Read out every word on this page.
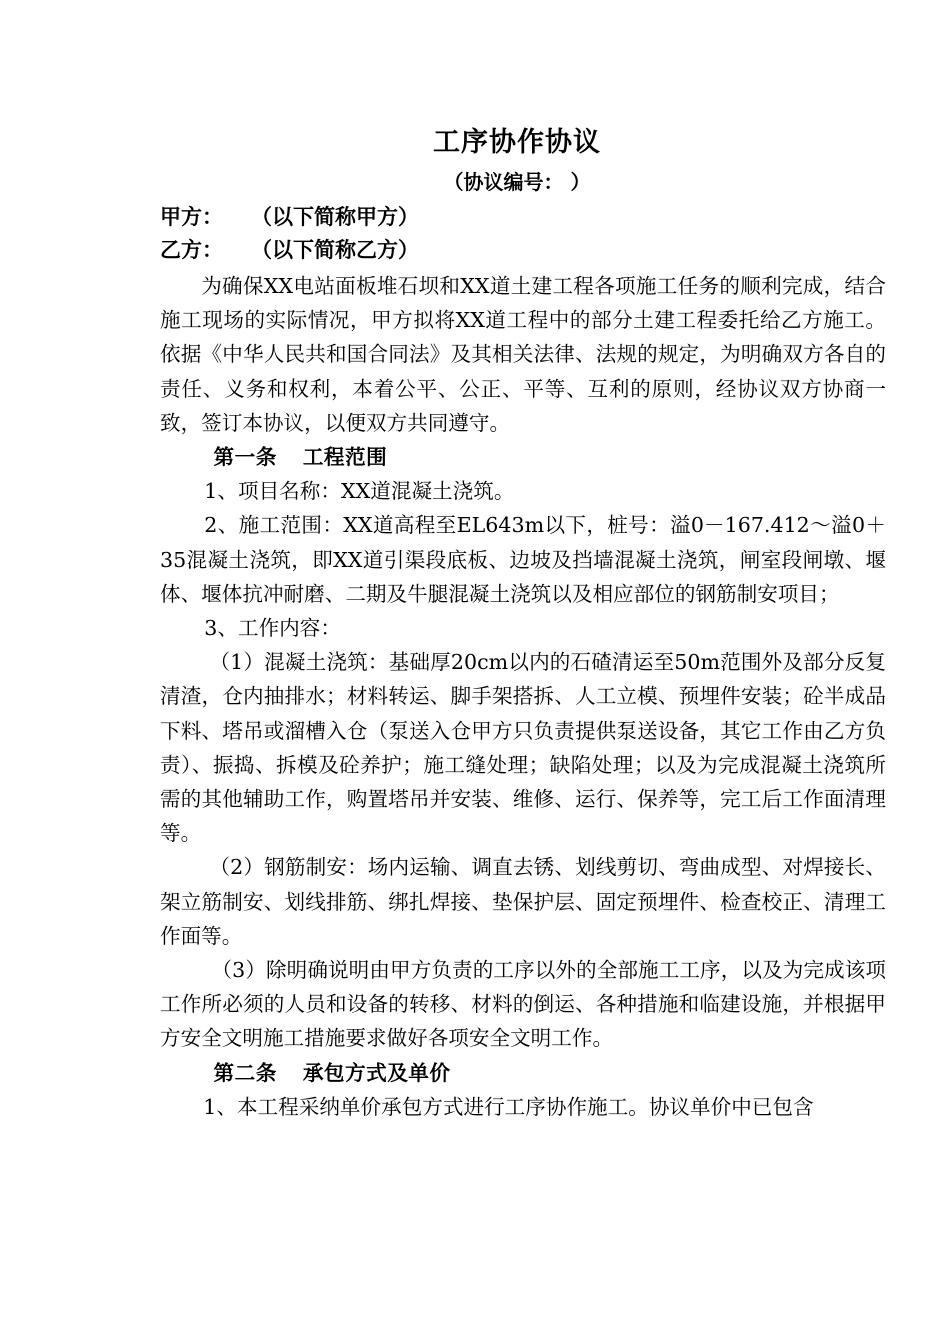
工序协作协议
（协议编号： ）
甲方： （以下简称甲方）
乙方： （以下简称乙方）

为确保XX电站面板堆石坝和XX道土建工程各项施工任务的顺利完成，结合施工现场的实际情况，甲方拟将XX道工程中的部分土建工程委托给乙方施工。依据《中华人民共和国合同法》及其相关法律、法规的规定，为明确双方各自的责任、义务和权利，本着公平、公正、平等、互利的原则，经协议双方协商一致，签订本协议，以便双方共同遵守。

第一条 工程范围

1、项目名称：XX道混凝土浇筑。

2、施工范围：XX道高程至EL643m以下，桩号：溢0－167.412～溢0＋35混凝土浇筑，即XX道引渠段底板、边坡及挡墙混凝土浇筑，闸室段闸墩、堰体、堰体抗冲耐磨、二期及牛腿混凝土浇筑以及相应部位的钢筋制安项目；

3、工作内容：

（1）混凝土浇筑：基础厚20cm以内的石碴清运至50m范围外及部分反复清渣，仓内抽排水；材料转运、脚手架搭拆、人工立模、预埋件安装；砼半成品下料、塔吊或溜槽入仓（泵送入仓甲方只负责提供泵送设备，其它工作由乙方负责）、振捣、拆模及砼养护；施工缝处理；缺陷处理；以及为完成混凝土浇筑所需的其他辅助工作，购置塔吊并安装、维修、运行、保养等，完工后工作面清理等。

（2）钢筋制安：场内运输、调直去锈、划线剪切、弯曲成型、对焊接长、架立筋制安、划线排筋、绑扎焊接、垫保护层、固定预埋件、检查校正、清理工作面等。

（3）除明确说明由甲方负责的工序以外的全部施工工序，以及为完成该项工作所必须的人员和设备的转移、材料的倒运、各种措施和临建设施，并根据甲方安全文明施工措施要求做好各项安全文明工作。

第二条 承包方式及单价

1、本工程采纳单价承包方式进行工序协作施工。协议单价中已包含
